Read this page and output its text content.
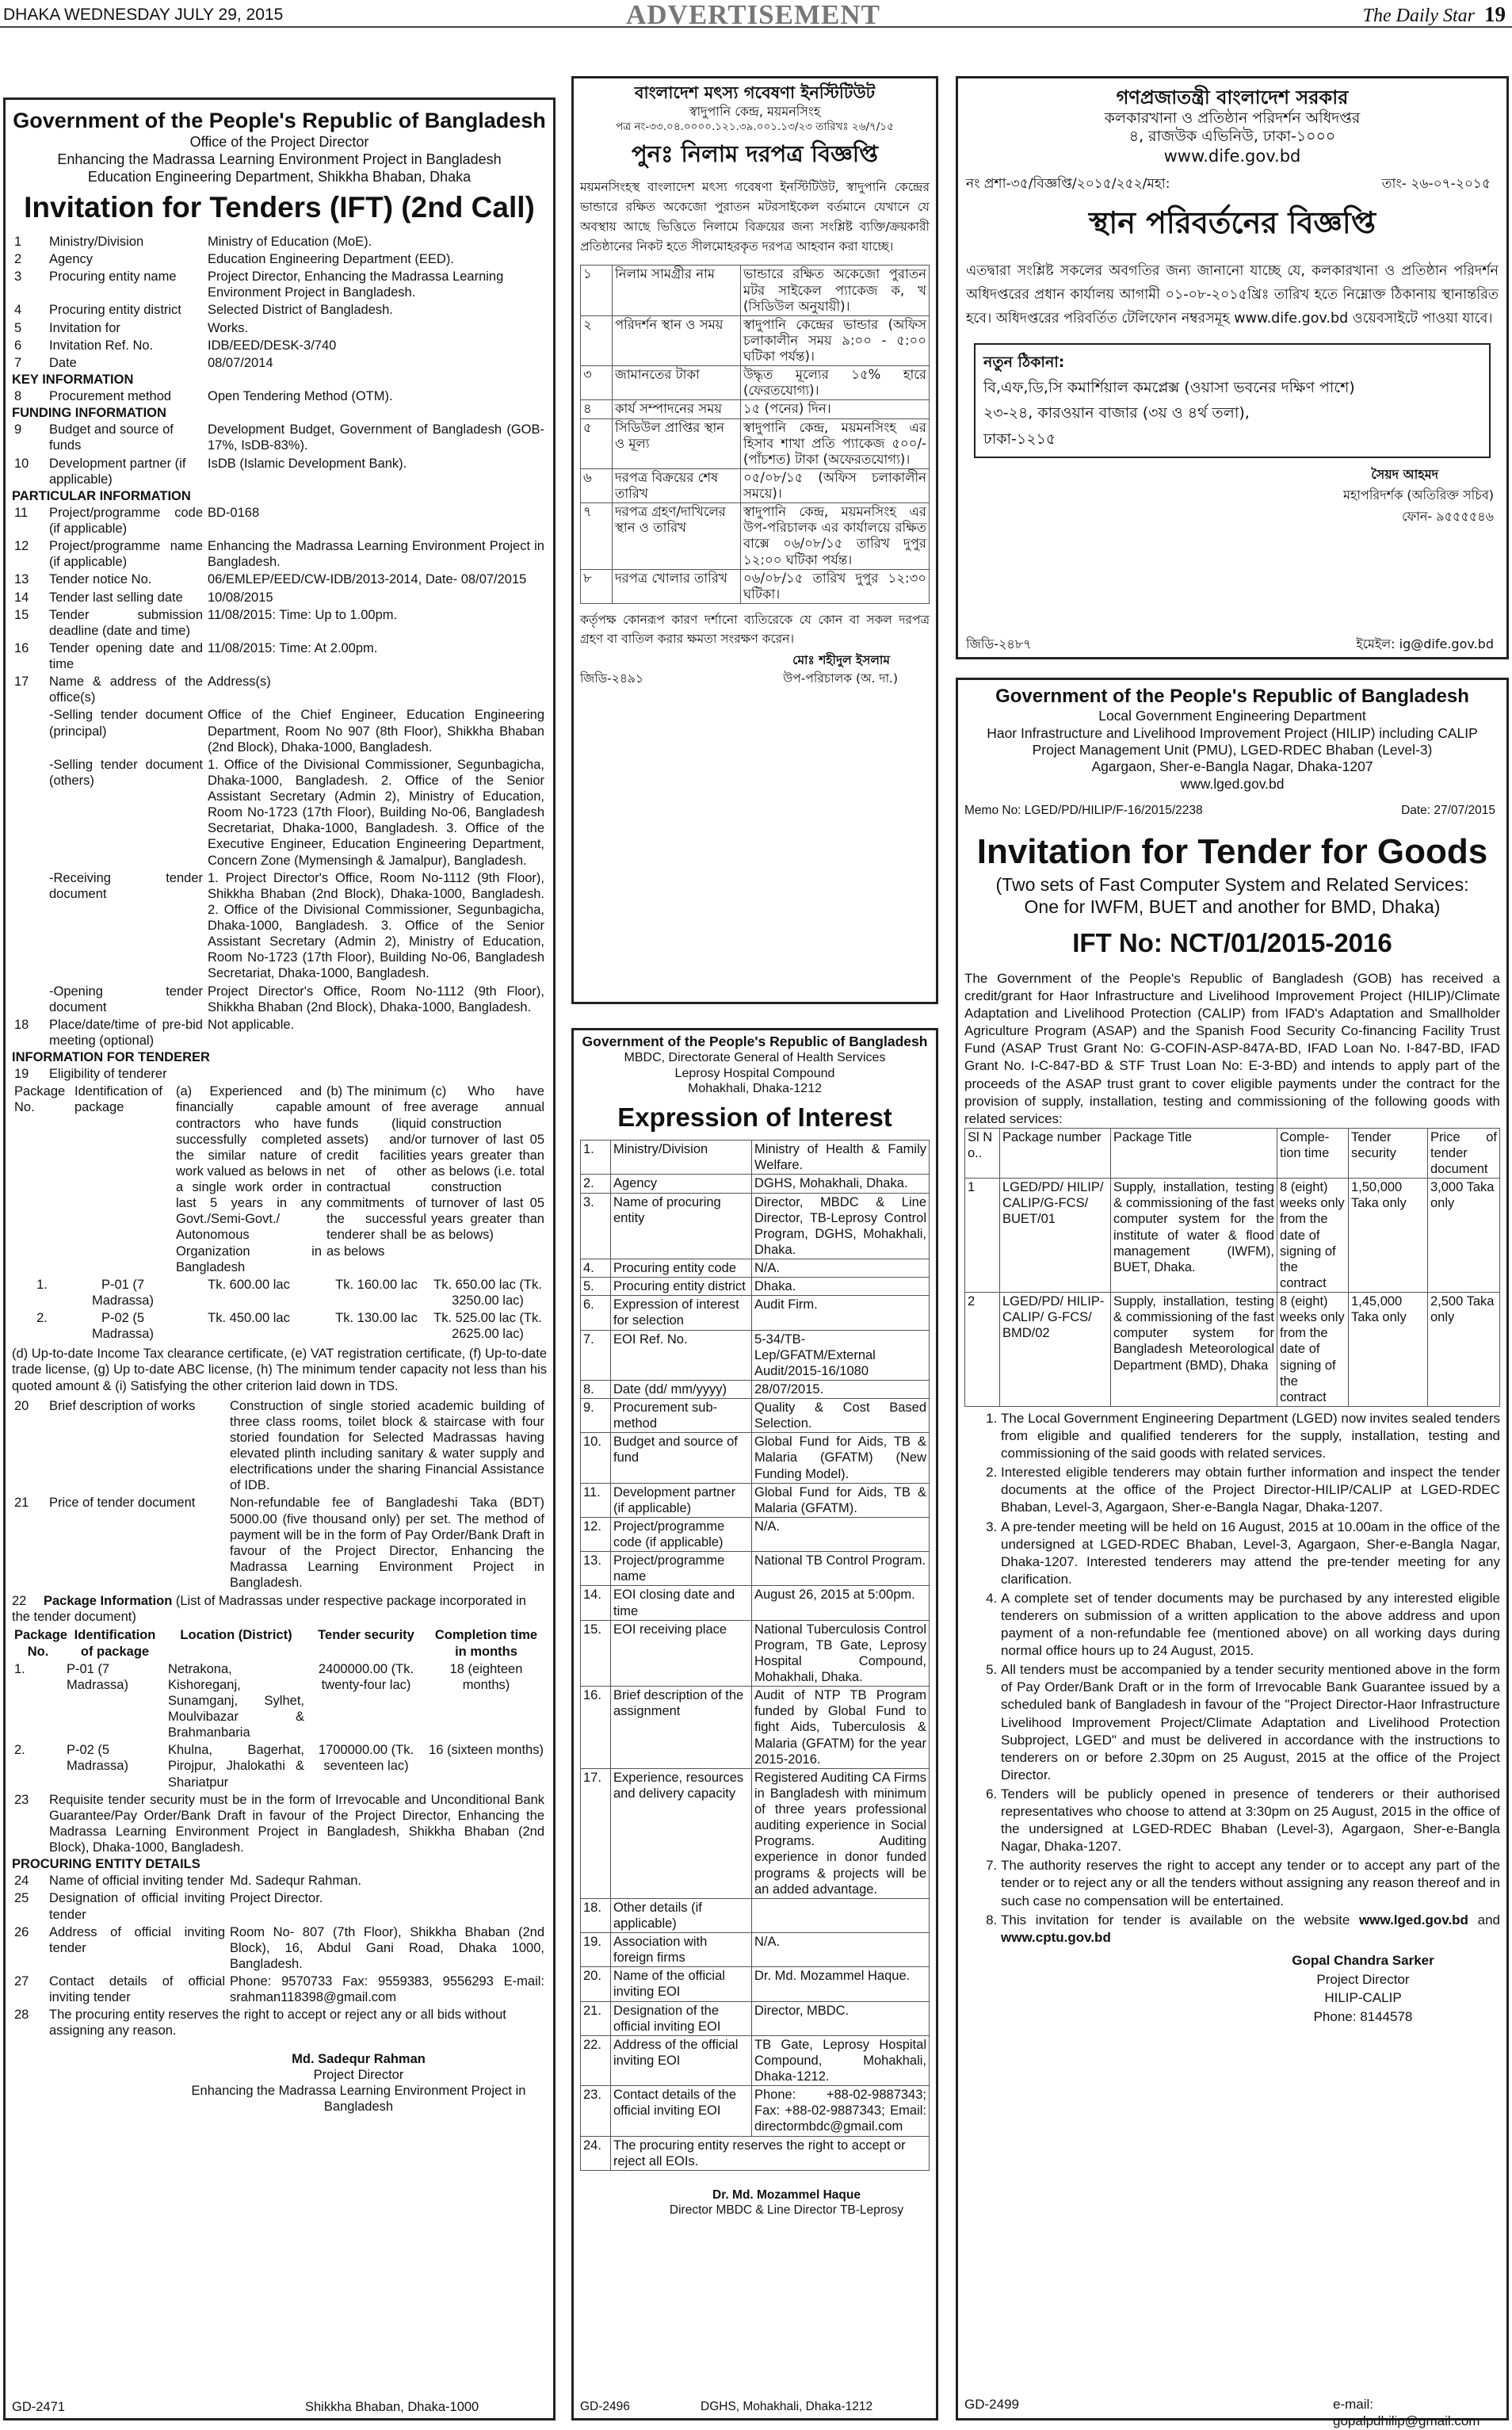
DHAKA WEDNESDAY JULY 29, 2015	ADVERTISEMENT	The Daily Star 19
Government of the People's Republic of Bangladesh
Office of the Project Director
Enhancing the Madrassa Learning Environment Project in Bangladesh
Education Engineering Department, Shikkha Bhaban, Dhaka
Invitation for Tenders (IFT) (2nd Call)
1	Ministry/Division	Ministry of Education (MoE).
2	Agency	Education Engineering Department (EED).
3	Procuring entity name	Project Director, Enhancing the Madrassa Learning Environment Project in Bangladesh.
4	Procuring entity district	Selected District of Bangladesh.
5	Invitation for	Works.
6	Invitation Ref. No.	IDB/EED/DESK-3/740
7	Date	08/07/2014
KEY INFORMATION
8	Procurement method	Open Tendering Method (OTM).
FUNDING INFORMATION
9	Budget and source of funds	Development Budget, Government of Bangladesh (GOB-17%, IsDB-83%).
10	Development partner (if applicable)	IsDB (Islamic Development Bank).
PARTICULAR INFORMATION
11	Project/programme code (if applicable)	BD-0168
12	Project/programme name (if applicable)	Enhancing the Madrassa Learning Environment Project in Bangladesh.
13	Tender notice No.	06/EMLEP/EED/CW-IDB/2013-2014, Date- 08/07/2015
14	Tender last selling date	10/08/2015
15	Tender submission deadline (date and time)	11/08/2015: Time: Up to 1.00pm.
16	Tender opening date and time	11/08/2015: Time: At 2.00pm.
17	Name & address of the office(s)	Address(s)
	-Selling tender document (principal)	Office of the Chief Engineer, Education Engineering Department, Room No 907 (8th Floor), Shikkha Bhaban (2nd Block), Dhaka-1000, Bangladesh.
	-Selling tender document (others)	1. Office of the Divisional Commissioner, Segunbagicha, Dhaka-1000, Bangladesh. 2. Office of the Senior Assistant Secretary (Admin 2), Ministry of Education, Room No-1723 (17th Floor), Building No-06, Bangladesh Secretariat, Dhaka-1000, Bangladesh. 3. Office of the Executive Engineer, Education Engineering Department, Concern Zone (Mymensingh & Jamalpur), Bangladesh.
	-Receiving tender document	1. Project Director's Office, Room No-1112 (9th Floor), Shikkha Bhaban (2nd Block), Dhaka-1000, Bangladesh. 2. Office of the Divisional Commissioner, Segunbagicha, Dhaka-1000, Bangladesh. 3. Office of the Senior Assistant Secretary (Admin 2), Ministry of Education, Room No-1723 (17th Floor), Building No-06, Bangladesh Secretariat, Dhaka-1000, Bangladesh.
	-Opening tender document	Project Director's Office, Room No-1112 (9th Floor), Shikkha Bhaban (2nd Block), Dhaka-1000, Bangladesh.
18	Place/date/time of pre-bid meeting (optional)	Not applicable.
INFORMATION FOR TENDERER
19	Eligibility of tenderer
Package No.	Identification of package	(a) Experienced and financially capable contractors who have successfully completed the similar nature of work valued as belows in a single work order in last 5 years in any Govt./Semi-Govt./ Autonomous Organization in Bangladesh	(b) The minimum amount of free funds (liquid assets) and/or credit facilities net of other contractual commitments of the successful tenderer shall be as belows	(c) Who have average annual construction turnover of last 05 years greater than as belows (i.e. total construction turnover of last 05 years greater than as belows)
1.	P-01 (7 Madrassa)	Tk. 600.00 lac	Tk. 160.00 lac	Tk. 650.00 lac (Tk. 3250.00 lac)
2.	P-02 (5 Madrassa)	Tk. 450.00 lac	Tk. 130.00 lac	Tk. 525.00 lac (Tk. 2625.00 lac)
(d) Up-to-date Income Tax clearance certificate, (e) VAT registration certificate, (f) Up-to-date trade license, (g) Up to-date ABC license, (h) The minimum tender capacity not less than his quoted amount & (i) Satisfying the other criterion laid down in TDS.
20	Brief description of works	Construction of single storied academic building of three class rooms, toilet block & staircase with four storied foundation for Selected Madrassas having elevated plinth including sanitary & water supply and electrifications under the sharing Financial Assistance of IDB.
21	Price of tender document	Non-refundable fee of Bangladeshi Taka (BDT) 5000.00 (five thousand only) per set. The method of payment will be in the form of Pay Order/Bank Draft in favour of the Project Director, Enhancing the Madrassa Learning Environment Project in Bangladesh.
22 Package Information (List of Madrassas under respective package incorporated in the tender document)
Package No.	Identification of package	Location (District)	Tender security	Completion time in months
1.	P-01 (7 Madrassa)	Netrakona, Kishoreganj, Sunamganj, Sylhet, Moulvibazar & Brahmanbaria	2400000.00 (Tk. twenty-four lac)	18 (eighteen months)
2.	P-02 (5 Madrassa)	Khulna, Bagerhat, Pirojpur, Jhalokathi & Shariatpur	1700000.00 (Tk. seventeen lac)	16 (sixteen months)
23	Requisite tender security must be in the form of Irrevocable and Unconditional Bank Guarantee/Pay Order/Bank Draft in favour of the Project Director, Enhancing the Madrassa Learning Environment Project in Bangladesh, Shikkha Bhaban (2nd Block), Dhaka-1000, Bangladesh.
PROCURING ENTITY DETAILS
24	Name of official inviting tender	Md. Sadequr Rahman.
25	Designation of official inviting tender	Project Director.
26	Address of official inviting tender	Room No- 807 (7th Floor), Shikkha Bhaban (2nd Block), 16, Abdul Gani Road, Dhaka 1000, Bangladesh.
27	Contact details of official inviting tender	Phone: 9570733 Fax: 9559383, 9556293 E-mail: srahman118398@gmail.com
28	The procuring entity reserves the right to accept or reject any or all bids without assigning any reason.
Md. Sadequr Rahman
Project Director
Enhancing the Madrassa Learning Environment Project in Bangladesh
GD-2471	Shikkha Bhaban, Dhaka-1000
বাংলাদেশ মৎস্য গবেষণা ইনস্টিটিউট
স্বাদুপানি কেন্দ্র, ময়মনসিংহ
পত্র নং-৩৩.০৪.০০০০.১২১.৩৯.০০১.১৩/২৩ তারিখঃ ২৬/৭/১৫
পুনঃ নিলাম দরপত্র বিজ্ঞপ্তি
ময়মনসিংহস্থ বাংলাদেশ মৎস্য গবেষণা ইনস্টিটিউট, স্বাদুপানি কেন্দ্রের ভান্ডারে রক্ষিত অকেজো পুরাতন মটরসাইকেল বর্তমানে যেখানে যে অবস্থায় আছে ভিত্তিতে নিলামে বিক্রয়ের জন্য সংশ্লিষ্ট ব্যক্তি/ক্রয়কারী প্রতিষ্ঠানের নিকট হতে সীলমোহরকৃত দরপত্র আহবান করা যাচ্ছে।
১	নিলাম সামগ্রীর নাম	ভান্ডারে রক্ষিত অকেজো পুরাতন মটর সাইকেল প্যাকেজ ক, খ (সিডিউল অনুযায়ী)।
২	পরিদর্শন স্থান ও সময়	স্বাদুপানি কেন্দ্রের ভান্ডার (অফিস চলাকালীন সময় ৯:০০ - ৫:০০ ঘটিকা পর্যন্ত)।
৩	জামানতের টাকা	উদ্ধৃত মূল্যের ১৫% হারে (ফেরতযোগ্য)।
৪	কার্য সম্পাদনের সময়	১৫ (পনের) দিন।
৫	সিডিউল প্রাপ্তির স্থান ও মূল্য	স্বাদুপানি কেন্দ্র, ময়মনসিংহ এর হিসাব শাখা প্রতি প্যাকেজ ৫০০/- (পাঁচশত) টাকা (অফেরতযোগ্য)।
৬	দরপত্র বিক্রয়ের শেষ তারিখ	০৫/০৮/১৫ (অফিস চলাকালীন সময়ে)।
৭	দরপত্র গ্রহণ/দাখিলের স্থান ও তারিখ	স্বাদুপানি কেন্দ্র, ময়মনসিংহ এর উপ-পরিচালক এর কার্যালয়ে রক্ষিত বাক্সে ০৬/০৮/১৫ তারিখ দুপুর ১২:০০ ঘটিকা পর্যন্ত।
৮	দরপত্র খোলার তারিখ	০৬/০৮/১৫ তারিখ দুপুর ১২:৩০ ঘটিকা।
কর্তৃপক্ষ কোনরূপ কারণ দর্শানো ব্যতিরেকে যে কোন বা সকল দরপত্র গ্রহণ বা বাতিল করার ক্ষমতা সংরক্ষণ করেন।
মোঃ শহীদুল ইসলাম
জিডি-২৪৯১	উপ-পরিচালক (অ. দা.)
Government of the People's Republic of Bangladesh
MBDC, Directorate General of Health Services
Leprosy Hospital Compound
Mohakhali, Dhaka-1212
Expression of Interest
1.	Ministry/Division	Ministry of Health & Family Welfare.
2.	Agency	DGHS, Mohakhali, Dhaka.
3.	Name of procuring entity	Director, MBDC & Line Director, TB-Leprosy Control Program, DGHS, Mohakhali, Dhaka.
4.	Procuring entity code	N/A.
5.	Procuring entity district	Dhaka.
6.	Expression of interest for selection	Audit Firm.
7.	EOI Ref. No.	5-34/TB-Lep/GFATM/External Audit/2015-16/1080
8.	Date (dd/ mm/yyyy)	28/07/2015.
9.	Procurement sub-method	Quality & Cost Based Selection.
10.	Budget and source of fund	Global Fund for Aids, TB & Malaria (GFATM) (New Funding Model).
11.	Development partner (if applicable)	Global Fund for Aids, TB & Malaria (GFATM).
12.	Project/programme code (if applicable)	N/A.
13.	Project/programme name	National TB Control Program.
14.	EOI closing date and time	August 26, 2015 at 5:00pm.
15.	EOI receiving place	National Tuberculosis Control Program, TB Gate, Leprosy Hospital Compound, Mohakhali, Dhaka.
16.	Brief description of the assignment	Audit of NTP TB Program funded by Global Fund to fight Aids, Tuberculosis & Malaria (GFATM) for the year 2015-2016.
17.	Experience, resources and delivery capacity	Registered Auditing CA Firms in Bangladesh with minimum of three years professional auditing experience in Social Programs. Auditing experience in donor funded programs & projects will be an added advantage.
18.	Other details (if applicable)	
19.	Association with foreign firms	N/A.
20.	Name of the official inviting EOI	Dr. Md. Mozammel Haque.
21.	Designation of the official inviting EOI	Director, MBDC.
22.	Address of the official inviting EOI	TB Gate, Leprosy Hospital Compound, Mohakhali, Dhaka-1212.
23.	Contact details of the official inviting EOI	Phone: +88-02-9887343; Fax: +88-02-9887343; Email: directormbdc@gmail.com
24.	The procuring entity reserves the right to accept or reject all EOIs.	
Dr. Md. Mozammel Haque
Director MBDC & Line Director TB-Leprosy
GD-2496	DGHS, Mohakhali, Dhaka-1212
গণপ্রজাতন্ত্রী বাংলাদেশ সরকার
কলকারখানা ও প্রতিষ্ঠান পরিদর্শন অধিদপ্তর
৪, রাজউক এভিনিউ, ঢাকা-১০০০
www.dife.gov.bd
নং প্রশা-৩৫/বিজ্ঞপ্তি/২০১৫/২৫২/মহা:	তাং- ২৬-০৭-২০১৫
স্থান পরিবর্তনের বিজ্ঞপ্তি
এতদ্বারা সংশ্লিষ্ট সকলের অবগতির জন্য জানানো যাচ্ছে যে, কলকারখানা ও প্রতিষ্ঠান পরিদর্শন অধিদপ্তরের প্রধান কার্যালয় আগামী ০১-০৮-২০১৫খ্রিঃ তারিখ হতে নিম্নোক্ত ঠিকানায় স্থানান্তরিত হবে। অধিদপ্তরের পরিবর্তিত টেলিফোন নম্বরসমূহ www.dife.gov.bd ওয়েবসাইটে পাওয়া যাবে।
নতুন ঠিকানা:
বি,এফ,ডি,সি কমার্শিয়াল কমপ্লেক্স (ওয়াসা ভবনের দক্ষিণ পাশে)
২৩-২৪, কারওয়ান বাজার (৩য় ও ৪র্থ তলা),
ঢাকা-১২১৫
সৈয়দ আহমদ
মহাপরিদর্শক (অতিরিক্ত সচিব)
ফোন- ৯৫৫৫৫৪৬
জিডি-২৪৮৭	ইমেইল: ig@dife.gov.bd
Government of the People's Republic of Bangladesh
Local Government Engineering Department
Haor Infrastructure and Livelihood Improvement Project (HILIP) including CALIP
Project Management Unit (PMU), LGED-RDEC Bhaban (Level-3)
Agargaon, Sher-e-Bangla Nagar, Dhaka-1207
www.lged.gov.bd
Memo No: LGED/PD/HILIP/F-16/2015/2238	Date: 27/07/2015
Invitation for Tender for Goods
(Two sets of Fast Computer System and Related Services:
One for IWFM, BUET and another for BMD, Dhaka)
IFT No: NCT/01/2015-2016
The Government of the People's Republic of Bangladesh (GOB) has received a credit/grant for Haor Infrastructure and Livelihood Improvement Project (HILIP)/Climate Adaptation and Livelihood Protection (CALIP) from IFAD's Adaptation and Smallholder Agriculture Program (ASAP) and the Spanish Food Security Co-financing Facility Trust Fund (ASAP Trust Grant No: G-COFIN-ASP-847A-BD, IFAD Loan No. I-847-BD, IFAD Grant No. I-C-847-BD & STF Trust Loan No: E-3-BD) and intends to apply part of the proceeds of the ASAP trust grant to cover eligible payments under the contract for the provision of supply, installation, testing and commissioning of the following goods with related services:
Sl N o..	Package number	Package Title	Comple-tion time	Tender security	Price of tender document
1	LGED/PD/ HILIP/ CALIP/G-FCS/ BUET/01	Supply, installation, testing & commissioning of the fast computer system for the institute of water & flood management (IWFM), BUET, Dhaka.	8 (eight) weeks only from the date of signing of the contract	1,50,000 Taka only	3,000 Taka only
2	LGED/PD/ HILIP-CALIP/ G-FCS/ BMD/02	Supply, installation, testing & commissioning of the fast computer system for Bangladesh Meteorological Department (BMD), Dhaka	8 (eight) weeks only from the date of signing of the contract	1,45,000 Taka only	2,500 Taka only
1. The Local Government Engineering Department (LGED) now invites sealed tenders from eligible and qualified tenderers for the supply, installation, testing and commissioning of the said goods with related services.
2. Interested eligible tenderers may obtain further information and inspect the tender documents at the office of the Project Director-HILIP/CALIP at LGED-RDEC Bhaban, Level-3, Agargaon, Sher-e-Bangla Nagar, Dhaka-1207.
3. A pre-tender meeting will be held on 16 August, 2015 at 10.00am in the office of the undersigned at LGED-RDEC Bhaban, Level-3, Agargaon, Sher-e-Bangla Nagar, Dhaka-1207. Interested tenderers may attend the pre-tender meeting for any clarification.
4. A complete set of tender documents may be purchased by any interested eligible tenderers on submission of a written application to the above address and upon payment of a non-refundable fee (mentioned above) on all working days during normal office hours up to 24 August, 2015.
5. All tenders must be accompanied by a tender security mentioned above in the form of Pay Order/Bank Draft or in the form of Irrevocable Bank Guarantee issued by a scheduled bank of Bangladesh in favour of the "Project Director-Haor Infrastructure Livelihood Improvement Project/Climate Adaptation and Livelihood Protection Subproject, LGED" and must be delivered in accordance with the instructions to tenderers on or before 2.30pm on 25 August, 2015 at the office of the Project Director.
6. Tenders will be publicly opened in presence of tenderers or their authorised representatives who choose to attend at 3:30pm on 25 August, 2015 in the office of the undersigned at LGED-RDEC Bhaban (Level-3), Agargaon, Sher-e-Bangla Nagar, Dhaka-1207.
7. The authority reserves the right to accept any tender or to accept any part of the tender or to reject any or all the tenders without assigning any reason thereof and in such case no compensation will be entertained.
8. This invitation for tender is available on the website www.lged.gov.bd and www.cptu.gov.bd
Gopal Chandra Sarker
Project Director
HILIP-CALIP
Phone: 8144578
GD-2499	e-mail: gopalpdhilip@gmail.com
